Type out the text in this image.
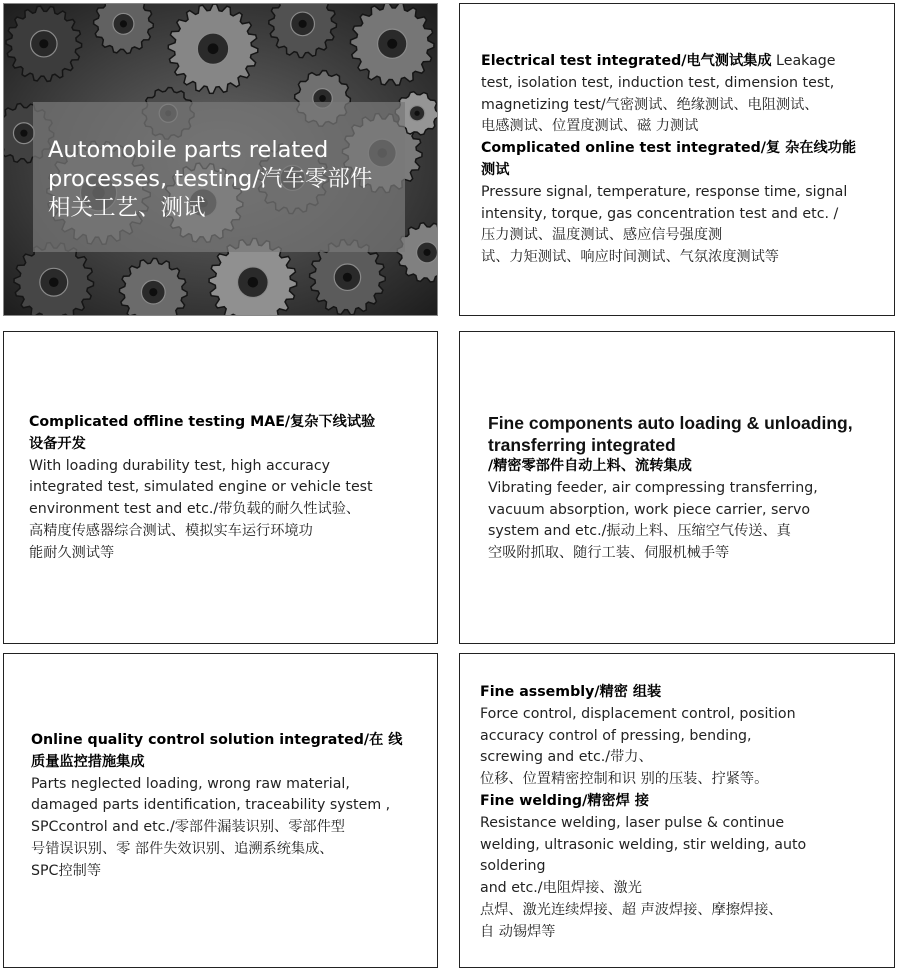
Automobile parts related
processes, testing/汽车零部件
相关工艺、测试
Electrical test integrated/电气测试集成 Leakage
test, isolation test, induction test, dimension test,
magnetizing test/气密测试、绝缘测试、电阻测试、
电感测试、位置度测试、磁 力测试
Complicated online test integrated/复 杂在线功能
测试
Pressure signal, temperature, response time, signal
intensity, torque, gas concentration test and etc. /
压力测试、温度测试、感应信号强度测
试、力矩测试、响应时间测试、气氛浓度测试等
Complicated offline testing MAE/复杂下线试验
设备开发
With loading durability test, high accuracy
integrated test, simulated engine or vehicle test
environment test and etc./带负载的耐久性试验、
高精度传感器综合测试、模拟实车运行环境功
能耐久测试等
Fine components auto loading & unloading,
transferring integrated
/精密零部件自动上料、流转集成
Vibrating feeder, air compressing transferring,
vacuum absorption, work piece carrier, servo
system and etc./振动上料、压缩空气传送、真
空吸附抓取、随行工装、伺服机械手等
Online quality control solution integrated/在 线
质量监控措施集成
Parts neglected loading, wrong raw material,
damaged parts identification, traceability system ,
SPCcontrol and etc./零部件漏装识别、零部件型
号错误识别、零 部件失效识别、追溯系统集成、
SPC控制等
Fine assembly/精密 组装
Force control, displacement control, position
accuracy control of pressing, bending,
screwing and etc./带力、
位移、位置精密控制和识 别的压装、拧紧等。
Fine welding/精密焊 接
Resistance welding, laser pulse & continue
welding, ultrasonic welding, stir welding, auto
soldering
and etc./电阻焊接、激光
点焊、激光连续焊接、超 声波焊接、摩擦焊接、
自 动锡焊等
